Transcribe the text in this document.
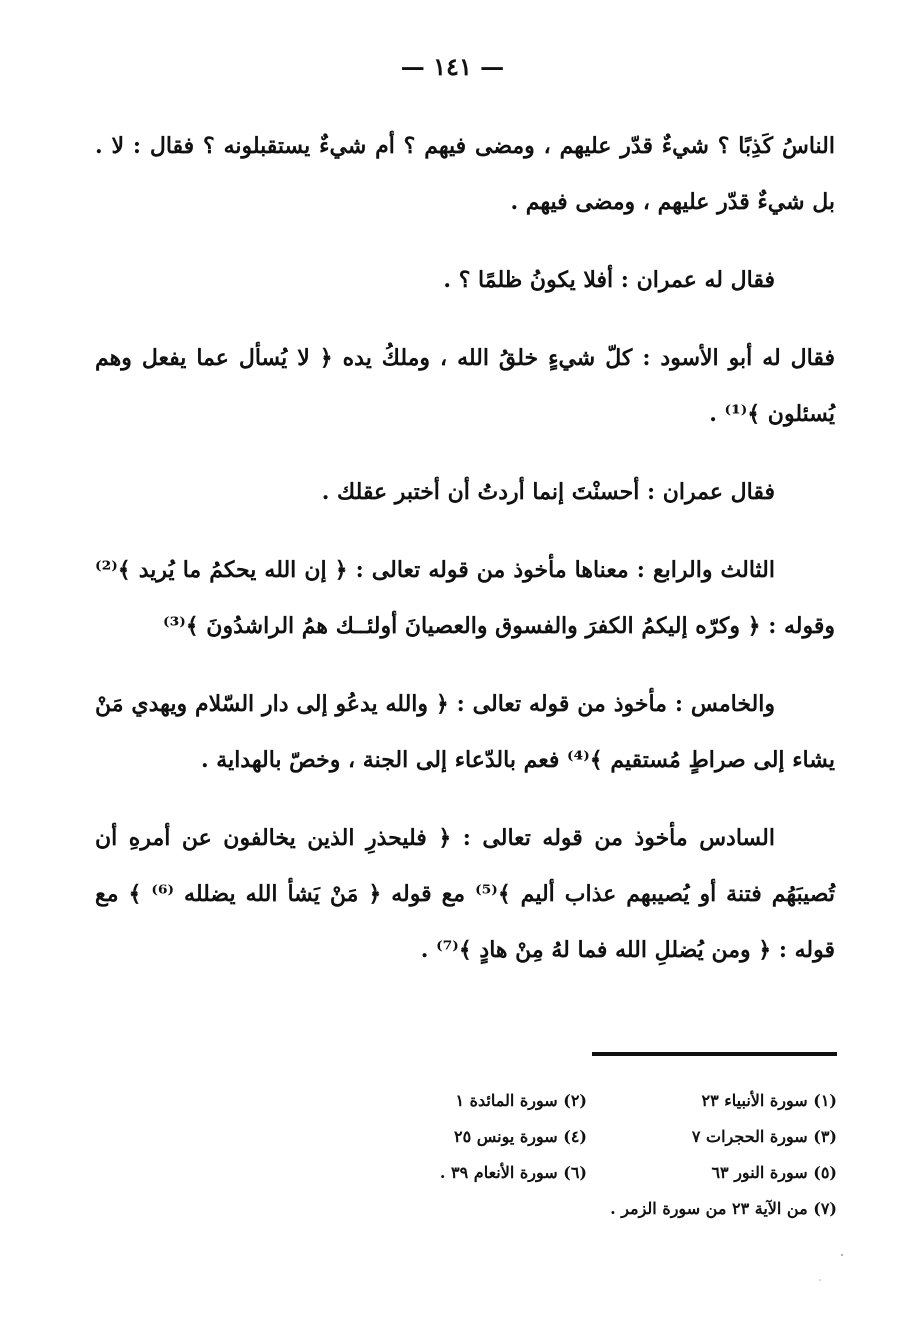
— ١٤١ —

الناسُ كَذِبًا ؟ شيءٌ قدّر عليهم ، ومضى فيهم ؟ أم شيءٌ يستقبلونه ؟ فقال : لا . بل شيءٌ قدّر عليهم ، ومضى فيهم .

فقال له عمران : أفلا يكونُ ظلمًا ؟ .

فقال له أبو الأسود : كلّ شيءٍ خلقُ الله ، وملكُ يده ﴿ لا يُسأل عما يفعل وهم يُسئلون ﴾⁽¹⁾ .

فقال عمران : أحسنْتَ إنما أردتُ أن أختبر عقلك .

الثالث والرابع : معناها مأخوذ من قوله تعالى : ﴿ إن الله يحكمُ ما يُريد ﴾⁽²⁾ وقوله : ﴿ وكرّه إليكمُ الكفرَ والفسوق والعصيانَ أولئــك همُ الراشدُونَ ﴾⁽³⁾

والخامس : مأخوذ من قوله تعالى : ﴿ والله يدعُو إلى دار السّلام ويهدي مَنْ يشاء إلى صراطٍ مُستقيم ﴾⁽⁴⁾ فعم بالدّعاء إلى الجنة ، وخصّ بالهداية .

السادس مأخوذ من قوله تعالى : ﴿ فليحذرِ الذين يخالفون عن أمرهِ أن تُصيبَهُم فتنة أو يُصيبهم عذاب أليم ﴾⁽⁵⁾ مع قوله ﴿ مَنْ يَشأ الله يضلله ⁽⁶⁾ ﴾ مع قوله : ﴿ ومن يُضللِ الله فما لهُ مِنْ هادٍ ﴾⁽⁷⁾ .

(١) سورة الأنبياء ٢٣
(٢) سورة المائدة ١
(٣) سورة الحجرات ٧
(٤) سورة يونس ٢٥
(٥) سورة النور ٦٣
(٦) سورة الأنعام ٣٩ .
(٧) من الآية ٢٣ من سورة الزمر .
